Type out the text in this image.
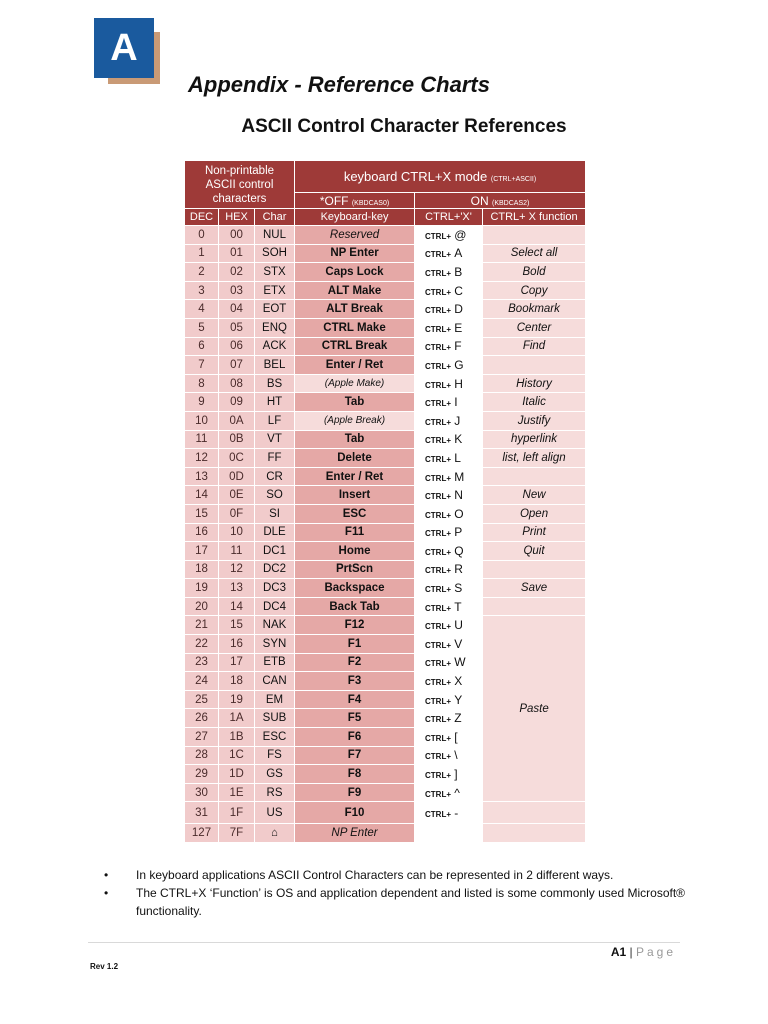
A
Appendix - Reference Charts
ASCII Control Character References
Non-printable ASCII control characters			keyboard CTRL+X mode (CTRL+ASCII)		
			*OFF (KBDCAS0)	ON (KBDCAS2)	
DEC	HEX	Char	Keyboard-key	CTRL+'X'	CTRL+ X function
0	00	NUL	Reserved	CTRL+ @	
1	01	SOH	NP Enter	CTRL+ A	Select all
2	02	STX	Caps Lock	CTRL+ B	Bold
3	03	ETX	ALT Make	CTRL+ C	Copy
4	04	EOT	ALT Break	CTRL+ D	Bookmark
5	05	ENQ	CTRL Make	CTRL+ E	Center
6	06	ACK	CTRL Break	CTRL+ F	Find
7	07	BEL	Enter / Ret	CTRL+ G	
8	08	BS	(Apple Make)	CTRL+ H	History
9	09	HT	Tab	CTRL+ I	Italic
10	0A	LF	(Apple Break)	CTRL+ J	Justify
11	0B	VT	Tab	CTRL+ K	hyperlink
12	0C	FF	Delete	CTRL+ L	list, left align
13	0D	CR	Enter / Ret	CTRL+ M	
14	0E	SO	Insert	CTRL+ N	New
15	0F	SI	ESC	CTRL+ O	Open
16	10	DLE	F11	CTRL+ P	Print
17	11	DC1	Home	CTRL+ Q	Quit
18	12	DC2	PrtScn	CTRL+ R	
19	13	DC3	Backspace	CTRL+ S	Save
20	14	DC4	Back Tab	CTRL+ T	
21	15	NAK	F12	CTRL+ U	Paste
22	16	SYN	F1	CTRL+ V	
23	17	ETB	F2	CTRL+ W	
24	18	CAN	F3	CTRL+ X	
25	19	EM	F4	CTRL+ Y	
26	1A	SUB	F5	CTRL+ Z	
27	1B	ESC	F6	CTRL+ [	
28	1C	FS	F7	CTRL+ \	
29	1D	GS	F8	CTRL+ ]	
30	1E	RS	F9	CTRL+ ^	
31	1F	US	F10	CTRL+ -	
127	7F	⌂	NP Enter		
• In keyboard applications ASCII Control Characters can be represented in 2 different ways.
• The CTRL+X ‘Function’ is OS and application dependent and listed is some commonly used Microsoft® functionality.
A1 | Page
Rev 1.2
